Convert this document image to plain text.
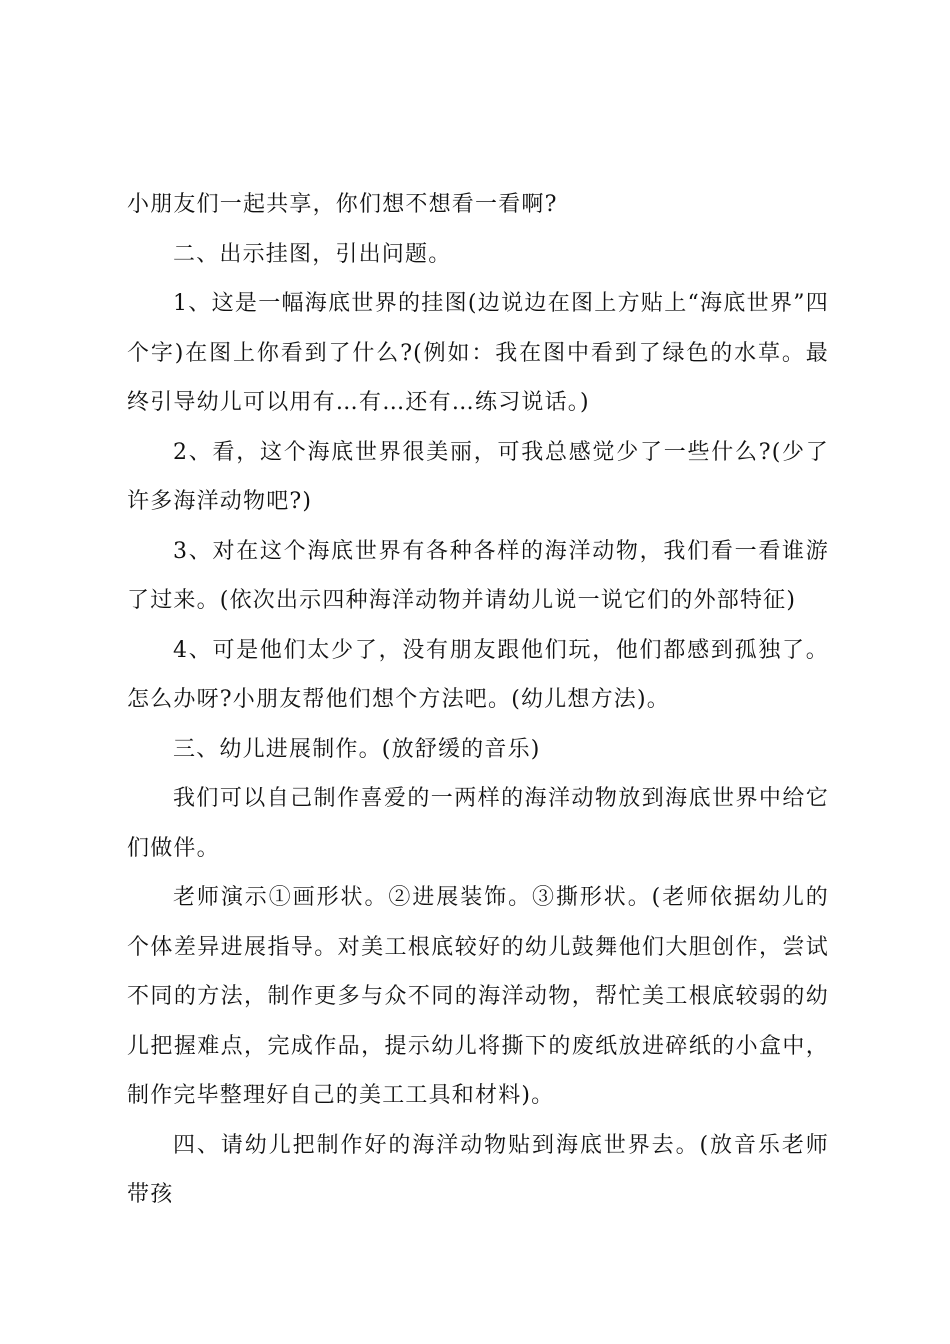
小朋友们一起共享，你们想不想看一看啊?

二、出示挂图，引出问题。

1、这是一幅海底世界的挂图(边说边在图上方贴上“海底世界”四个字)在图上你看到了什么?(例如：我在图中看到了绿色的水草。最终引导幼儿可以用有…有…还有…练习说话。)

2、看，这个海底世界很美丽，可我总感觉少了一些什么?(少了许多海洋动物吧?)

3、对在这个海底世界有各种各样的海洋动物，我们看一看谁游了过来。(依次出示四种海洋动物并请幼儿说一说它们的外部特征)

4、可是他们太少了，没有朋友跟他们玩，他们都感到孤独了。怎么办呀?小朋友帮他们想个方法吧。(幼儿想方法)。

三、幼儿进展制作。(放舒缓的音乐)

我们可以自己制作喜爱的一两样的海洋动物放到海底世界中给它们做伴。

老师演示①画形状。②进展装饰。③撕形状。(老师依据幼儿的个体差异进展指导。对美工根底较好的幼儿鼓舞他们大胆创作，尝试不同的方法，制作更多与众不同的海洋动物，帮忙美工根底较弱的幼儿把握难点，完成作品，提示幼儿将撕下的废纸放进碎纸的小盒中，制作完毕整理好自己的美工工具和材料)。

四、请幼儿把制作好的海洋动物贴到海底世界去。(放音乐老师带孩
